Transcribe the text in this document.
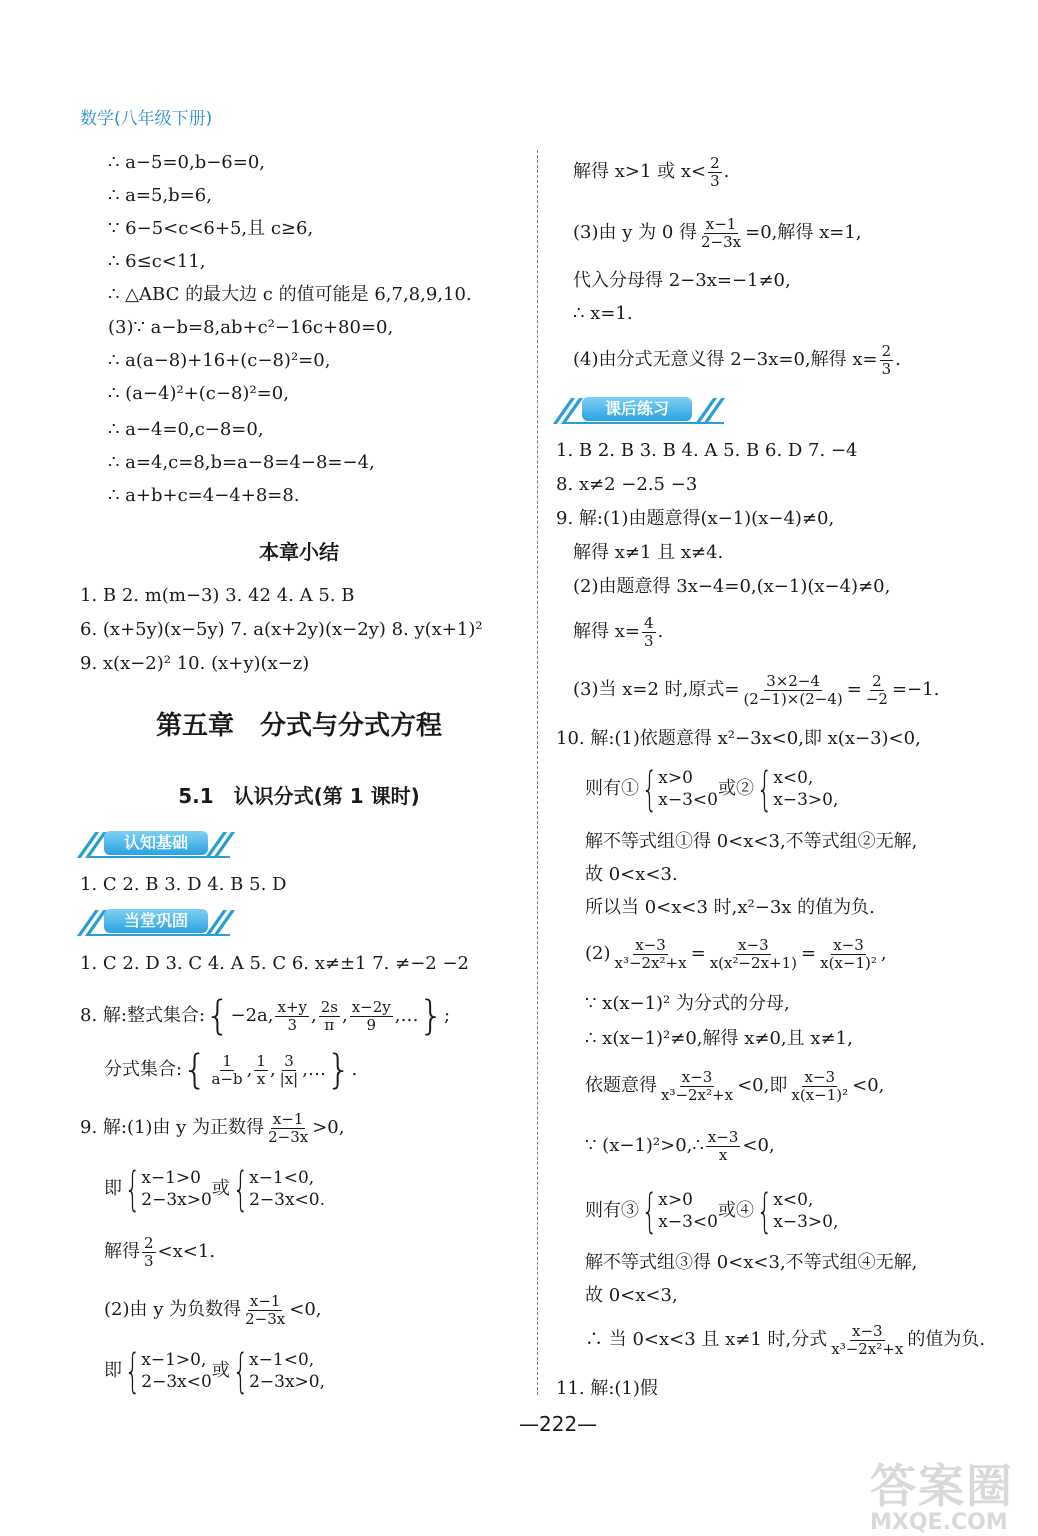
数学(八年级下册)
∴ a−5=0,b−6=0,
∴ a=5,b=6,
∵ 6−5<c<6+5,且 c≥6,
∴ 6≤c<11,
∴ △ABC 的最大边 c 的值可能是 6,7,8,9,10.
(3)∵ a−b=8,ab+c²−16c+80=0,
∴ a(a−8)+16+(c−8)²=0,
∴ (a−4)²+(c−8)²=0,
∴ a−4=0,c−8=0,
∴ a=4,c=8,b=a−8=4−8=−4,
∴ a+b+c=4−4+8=8.
本章小结
1. B 2. m(m−3) 3. 42 4. A 5. B
6. (x+5y)(x−5y) 7. a(x+2y)(x−2y) 8. y(x+1)²
9. x(x−2)² 10. (x+y)(x−z)
第五章　分式与分式方程
5.1　认识分式(第 1 课时)
认知基础
1. C 2. B 3. D 4. B 5. D
当堂巩固
1. C 2. D 3. C 4. A 5. C 6. x≠±1 7. ≠−2 −2
8. 解:整式集合:{−2a, $\frac{x+y}{3}$ , $\frac{2s}{\pi}$ , $\frac{x-2y}{9}$ ,…};
分式集合:{ $\frac{1}{a-b}$ , $\frac{1}{x}$ , $\frac{3}{|x|}$ ,…}.
9. 解:(1)由 y 为正数得 $\frac{x-1}{2-3x} >0$,
即 { x−1>0
2−3x>0
或 { x−1<0,
2−3x<0.
解得 $\frac{2}{3} <x<1$.
(2)由 y 为负数得 $\frac{x-1}{2-3x} <0$,
即 { x−1>0,
2−3x<0
或 { x−1<0,
2−3x>0,
解得 x>1 或 $x< \frac{2}{3}$ .
(3)由 y 为 0 得 $\frac{x-1}{2-3x} =0$,解得 x=1,
代入分母得 2−3x=−1≠0,
∴ x=1.
(4)由分式无意义得 2−3x=0,解得 $x= \frac{2}{3}$ .
课后练习
1. B 2. B 3. B 4. A 5. B 6. D 7. −4
8. x≠2 −2.5 −3
9. 解:(1)由题意得(x−1)(x−4)≠0,
解得 x≠1 且 x≠4.
(2)由题意得 3x−4=0,(x−1)(x−4)≠0,
解得 $x= \frac{4}{3}$ .
(3)当 x=2 时,原式= $\frac{3\times 2-4}{(2-1)\times(2-4)} = \frac{2}{-2} =-1$.
10. 解:(1)依题意得 x²−3x<0,即 x(x−3)<0,
则有① { x>0
x−3<0
或② { x<0,
x−3>0,
解不等式组①得 0<x<3,不等式组②无解,
故 0<x<3.
所以当 0<x<3 时,x²−3x 的值为负.
$(2) \frac{x-3}{\text{x³−2x²+x}} = \frac{x-3}{\text{x(x²−2x+1)}} = \frac{x-3}{\text{x(x−1)²}}$ ,
∵ x(x−1)² 为分式的分母,
∴ x(x−1)²≠0,解得 x≠0,且 x≠1,
依题意得 $\frac{x-3}{\text{x³−2x²+x}} <0$,即 $\frac{x-3}{\text{x(x−1)²}} <0$,
∵ (x−1)²>0,∴ $\frac{x-3}{x} <0$,
则有③ { x>0
x−3<0
或④ { x<0,
x−3>0,
解不等式组③得 0<x<3,不等式组④无解,
故 0<x<3,
∴ 当 0<x<3 且 x≠1 时,分式 $\frac{x-3}{\text{x³−2x²+x}}$ 的值为负.
11. 解:(1)假
—222—
答案圈
MXQE.COM
